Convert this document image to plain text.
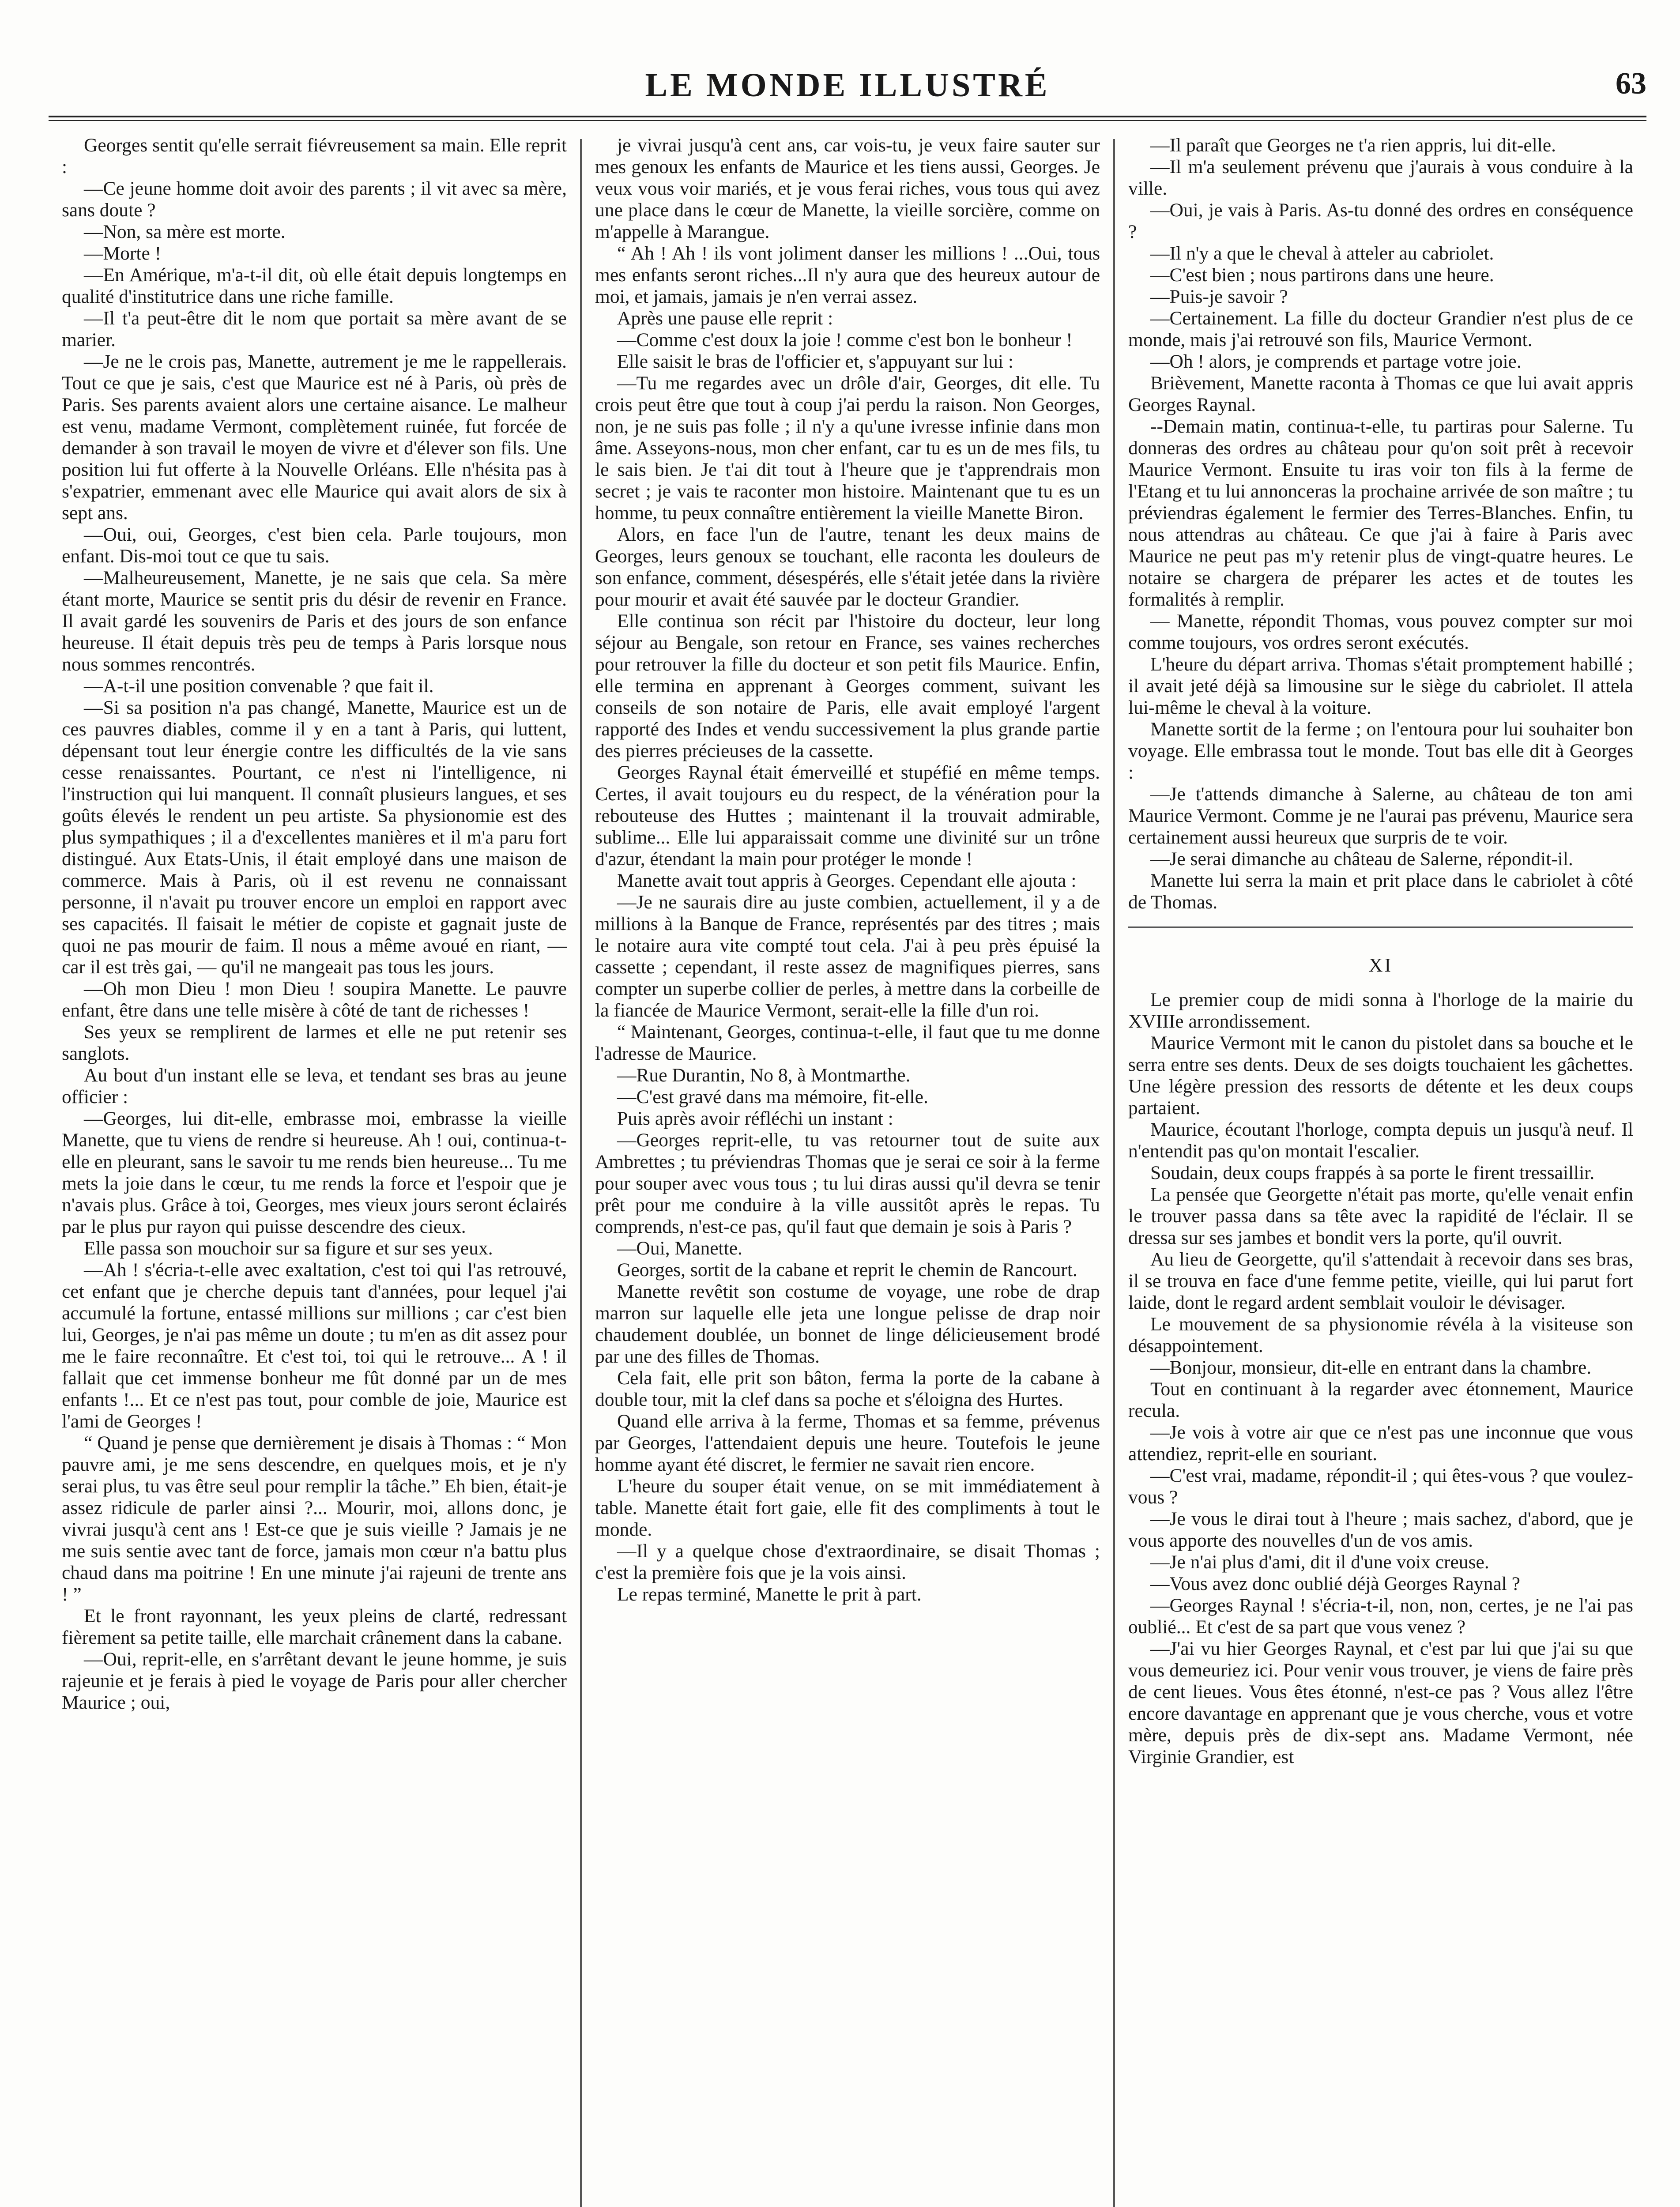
LE MONDE ILLUSTRÉ	63

Georges sentit qu'elle serrait fiévreusement sa main. Elle reprit :

—Ce jeune homme doit avoir des parents ; il vit avec sa mère, sans doute ?

—Non, sa mère est morte.

—Morte !

—En Amérique, m'a-t-il dit, où elle était depuis longtemps en qualité d'institutrice dans une riche famille.

—Il t'a peut-être dit le nom que portait sa mère avant de se marier.

—Je ne le crois pas, Manette, autrement je me le rappellerais. Tout ce que je sais, c'est que Maurice est né à Paris, où près de Paris. Ses parents avaient alors une certaine aisance. Le malheur est venu, madame Vermont, complètement ruinée, fut forcée de demander à son travail le moyen de vivre et d'élever son fils. Une position lui fut offerte à la Nouvelle Orléans. Elle n'hésita pas à s'expatrier, emmenant avec elle Maurice qui avait alors de six à sept ans.

—Oui, oui, Georges, c'est bien cela. Parle toujours, mon enfant. Dis-moi tout ce que tu sais.

—Malheureusement, Manette, je ne sais que cela. Sa mère étant morte, Maurice se sentit pris du désir de revenir en France. Il avait gardé les souvenirs de Paris et des jours de son enfance heureuse. Il était depuis très peu de temps à Paris lorsque nous nous sommes rencontrés.

—A-t-il une position convenable ? que fait il.

—Si sa position n'a pas changé, Manette, Maurice est un de ces pauvres diables, comme il y en a tant à Paris, qui luttent, dépensant tout leur énergie contre les difficultés de la vie sans cesse renaissantes. Pourtant, ce n'est ni l'intelligence, ni l'instruction qui lui manquent. Il connaît plusieurs langues, et ses goûts élevés le rendent un peu artiste. Sa physionomie est des plus sympathiques ; il a d'excellentes manières et il m'a paru fort distingué. Aux Etats-Unis, il était employé dans une maison de commerce. Mais à Paris, où il est revenu ne connaissant personne, il n'avait pu trouver encore un emploi en rapport avec ses capacités. Il faisait le métier de copiste et gagnait juste de quoi ne pas mourir de faim. Il nous a même avoué en riant, — car il est très gai, — qu'il ne mangeait pas tous les jours.

—Oh mon Dieu ! mon Dieu ! soupira Manette. Le pauvre enfant, être dans une telle misère à côté de tant de richesses !

Ses yeux se remplirent de larmes et elle ne put retenir ses sanglots.

Au bout d'un instant elle se leva, et tendant ses bras au jeune officier :

—Georges, lui dit-elle, embrasse moi, embrasse la vieille Manette, que tu viens de rendre si heureuse. Ah ! oui, continua-t-elle en pleurant, sans le savoir tu me rends bien heureuse... Tu me mets la joie dans le cœur, tu me rends la force et l'espoir que je n'avais plus. Grâce à toi, Georges, mes vieux jours seront éclairés par le plus pur rayon qui puisse descendre des cieux.

Elle passa son mouchoir sur sa figure et sur ses yeux.

—Ah ! s'écria-t-elle avec exaltation, c'est toi qui l'as retrouvé, cet enfant que je cherche depuis tant d'années, pour lequel j'ai accumulé la fortune, entassé millions sur millions ; car c'est bien lui, Georges, je n'ai pas même un doute ; tu m'en as dit assez pour me le faire reconnaître. Et c'est toi, toi qui le retrouve... A ! il fallait que cet immense bonheur me fût donné par un de mes enfants !... Et ce n'est pas tout, pour comble de joie, Maurice est l'ami de Georges !

“ Quand je pense que dernièrement je disais à Thomas : “ Mon pauvre ami, je me sens descendre, en quelques mois, et je n'y serai plus, tu vas être seul pour remplir la tâche.” Eh bien, était-je assez ridicule de parler ainsi ?... Mourir, moi, allons donc, je vivrai jusqu'à cent ans ! Est-ce que je suis vieille ? Jamais je ne me suis sentie avec tant de force, jamais mon cœur n'a battu plus chaud dans ma poitrine ! En une minute j'ai rajeuni de trente ans ! ”

Et le front rayonnant, les yeux pleins de clarté, redressant fièrement sa petite taille, elle marchait crânement dans la cabane.

—Oui, reprit-elle, en s'arrêtant devant le jeune homme, je suis rajeunie et je ferais à pied le voyage de Paris pour aller chercher Maurice ; oui,

je vivrai jusqu'à cent ans, car vois-tu, je veux faire sauter sur mes genoux les enfants de Maurice et les tiens aussi, Georges. Je veux vous voir mariés, et je vous ferai riches, vous tous qui avez une place dans le cœur de Manette, la vieille sorcière, comme on m'appelle à Marangue.

“ Ah ! Ah ! ils vont joliment danser les millions ! ...Oui, tous mes enfants seront riches...Il n'y aura que des heureux autour de moi, et jamais, jamais je n'en verrai assez.

Après une pause elle reprit :

—Comme c'est doux la joie ! comme c'est bon le bonheur !

Elle saisit le bras de l'officier et, s'appuyant sur lui :

—Tu me regardes avec un drôle d'air, Georges, dit elle. Tu crois peut être que tout à coup j'ai perdu la raison. Non Georges, non, je ne suis pas folle ; il n'y a qu'une ivresse infinie dans mon âme. Asseyons-nous, mon cher enfant, car tu es un de mes fils, tu le sais bien. Je t'ai dit tout à l'heure que je t'apprendrais mon secret ; je vais te raconter mon histoire. Maintenant que tu es un homme, tu peux connaître entièrement la vieille Manette Biron.

Alors, en face l'un de l'autre, tenant les deux mains de Georges, leurs genoux se touchant, elle raconta les douleurs de son enfance, comment, désespérés, elle s'était jetée dans la rivière pour mourir et avait été sauvée par le docteur Grandier.

Elle continua son récit par l'histoire du docteur, leur long séjour au Bengale, son retour en France, ses vaines recherches pour retrouver la fille du docteur et son petit fils Maurice. Enfin, elle termina en apprenant à Georges comment, suivant les conseils de son notaire de Paris, elle avait employé l'argent rapporté des Indes et vendu successivement la plus grande partie des pierres précieuses de la cassette.

Georges Raynal était émerveillé et stupéfié en même temps. Certes, il avait toujours eu du respect, de la vénération pour la rebouteuse des Huttes ; maintenant il la trouvait admirable, sublime... Elle lui apparaissait comme une divinité sur un trône d'azur, étendant la main pour protéger le monde !

Manette avait tout appris à Georges. Cependant elle ajouta :

—Je ne saurais dire au juste combien, actuellement, il y a de millions à la Banque de France, représentés par des titres ; mais le notaire aura vite compté tout cela. J'ai à peu près épuisé la cassette ; cependant, il reste assez de magnifiques pierres, sans compter un superbe collier de perles, à mettre dans la corbeille de la fiancée de Maurice Vermont, serait-elle la fille d'un roi.

“ Maintenant, Georges, continua-t-elle, il faut que tu me donne l'adresse de Maurice.

—Rue Durantin, No 8, à Montmarthe.

—C'est gravé dans ma mémoire, fit-elle.

Puis après avoir réfléchi un instant :

—Georges reprit-elle, tu vas retourner tout de suite aux Ambrettes ; tu préviendras Thomas que je serai ce soir à la ferme pour souper avec vous tous ; tu lui diras aussi qu'il devra se tenir prêt pour me conduire à la ville aussitôt après le repas. Tu comprends, n'est-ce pas, qu'il faut que demain je sois à Paris ?

—Oui, Manette.

Georges, sortit de la cabane et reprit le chemin de Rancourt.

Manette revêtit son costume de voyage, une robe de drap marron sur laquelle elle jeta une longue pelisse de drap noir chaudement doublée, un bonnet de linge délicieusement brodé par une des filles de Thomas.

Cela fait, elle prit son bâton, ferma la porte de la cabane à double tour, mit la clef dans sa poche et s'éloigna des Hurtes.

Quand elle arriva à la ferme, Thomas et sa femme, prévenus par Georges, l'attendaient depuis une heure. Toutefois le jeune homme ayant été discret, le fermier ne savait rien encore.

L'heure du souper était venue, on se mit immédiatement à table. Manette était fort gaie, elle fit des compliments à tout le monde.

—Il y a quelque chose d'extraordinaire, se disait Thomas ; c'est la première fois que je la vois ainsi.

Le repas terminé, Manette le prit à part.

—Il paraît que Georges ne t'a rien appris, lui dit-elle.

—Il m'a seulement prévenu que j'aurais à vous conduire à la ville.

—Oui, je vais à Paris. As-tu donné des ordres en conséquence ?

—Il n'y a que le cheval à atteler au cabriolet.

—C'est bien ; nous partirons dans une heure.

—Puis-je savoir ?

—Certainement. La fille du docteur Grandier n'est plus de ce monde, mais j'ai retrouvé son fils, Maurice Vermont.

—Oh ! alors, je comprends et partage votre joie.

Brièvement, Manette raconta à Thomas ce que lui avait appris Georges Raynal.

--Demain matin, continua-t-elle, tu partiras pour Salerne. Tu donneras des ordres au château pour qu'on soit prêt à recevoir Maurice Vermont. Ensuite tu iras voir ton fils à la ferme de l'Etang et tu lui annonceras la prochaine arrivée de son maître ; tu préviendras également le fermier des Terres-Blanches. Enfin, tu nous attendras au château. Ce que j'ai à faire à Paris avec Maurice ne peut pas m'y retenir plus de vingt-quatre heures. Le notaire se chargera de préparer les actes et de toutes les formalités à remplir.

— Manette, répondit Thomas, vous pouvez compter sur moi comme toujours, vos ordres seront exécutés.

L'heure du départ arriva. Thomas s'était promptement habillé ; il avait jeté déjà sa limousine sur le siège du cabriolet. Il attela lui-même le cheval à la voiture.

Manette sortit de la ferme ; on l'entoura pour lui souhaiter bon voyage. Elle embrassa tout le monde. Tout bas elle dit à Georges :

—Je t'attends dimanche à Salerne, au château de ton ami Maurice Vermont. Comme je ne l'aurai pas prévenu, Maurice sera certainement aussi heureux que surpris de te voir.

—Je serai dimanche au château de Salerne, répondit-il.

Manette lui serra la main et prit place dans le cabriolet à côté de Thomas.

XI

Le premier coup de midi sonna à l'horloge de la mairie du XVIIIe arrondissement.

Maurice Vermont mit le canon du pistolet dans sa bouche et le serra entre ses dents. Deux de ses doigts touchaient les gâchettes. Une légère pression des ressorts de détente et les deux coups partaient.

Maurice, écoutant l'horloge, compta depuis un jusqu'à neuf. Il n'entendit pas qu'on montait l'escalier.

Soudain, deux coups frappés à sa porte le firent tressaillir.

La pensée que Georgette n'était pas morte, qu'elle venait enfin le trouver passa dans sa tête avec la rapidité de l'éclair. Il se dressa sur ses jambes et bondit vers la porte, qu'il ouvrit.

Au lieu de Georgette, qu'il s'attendait à recevoir dans ses bras, il se trouva en face d'une femme petite, vieille, qui lui parut fort laide, dont le regard ardent semblait vouloir le dévisager.

Le mouvement de sa physionomie révéla à la visiteuse son désappointement.

—Bonjour, monsieur, dit-elle en entrant dans la chambre.

Tout en continuant à la regarder avec étonnement, Maurice recula.

—Je vois à votre air que ce n'est pas une inconnue que vous attendiez, reprit-elle en souriant.

—C'est vrai, madame, répondit-il ; qui êtes-vous ? que voulez-vous ?

—Je vous le dirai tout à l'heure ; mais sachez, d'abord, que je vous apporte des nouvelles d'un de vos amis.

—Je n'ai plus d'ami, dit il d'une voix creuse.

—Vous avez donc oublié déjà Georges Raynal ?

—Georges Raynal ! s'écria-t-il, non, non, certes, je ne l'ai pas oublié... Et c'est de sa part que vous venez ?

—J'ai vu hier Georges Raynal, et c'est par lui que j'ai su que vous demeuriez ici. Pour venir vous trouver, je viens de faire près de cent lieues. Vous êtes étonné, n'est-ce pas ? Vous allez l'être encore davantage en apprenant que je vous cherche, vous et votre mère, depuis près de dix-sept ans. Madame Vermont, née Virginie Grandier, est
